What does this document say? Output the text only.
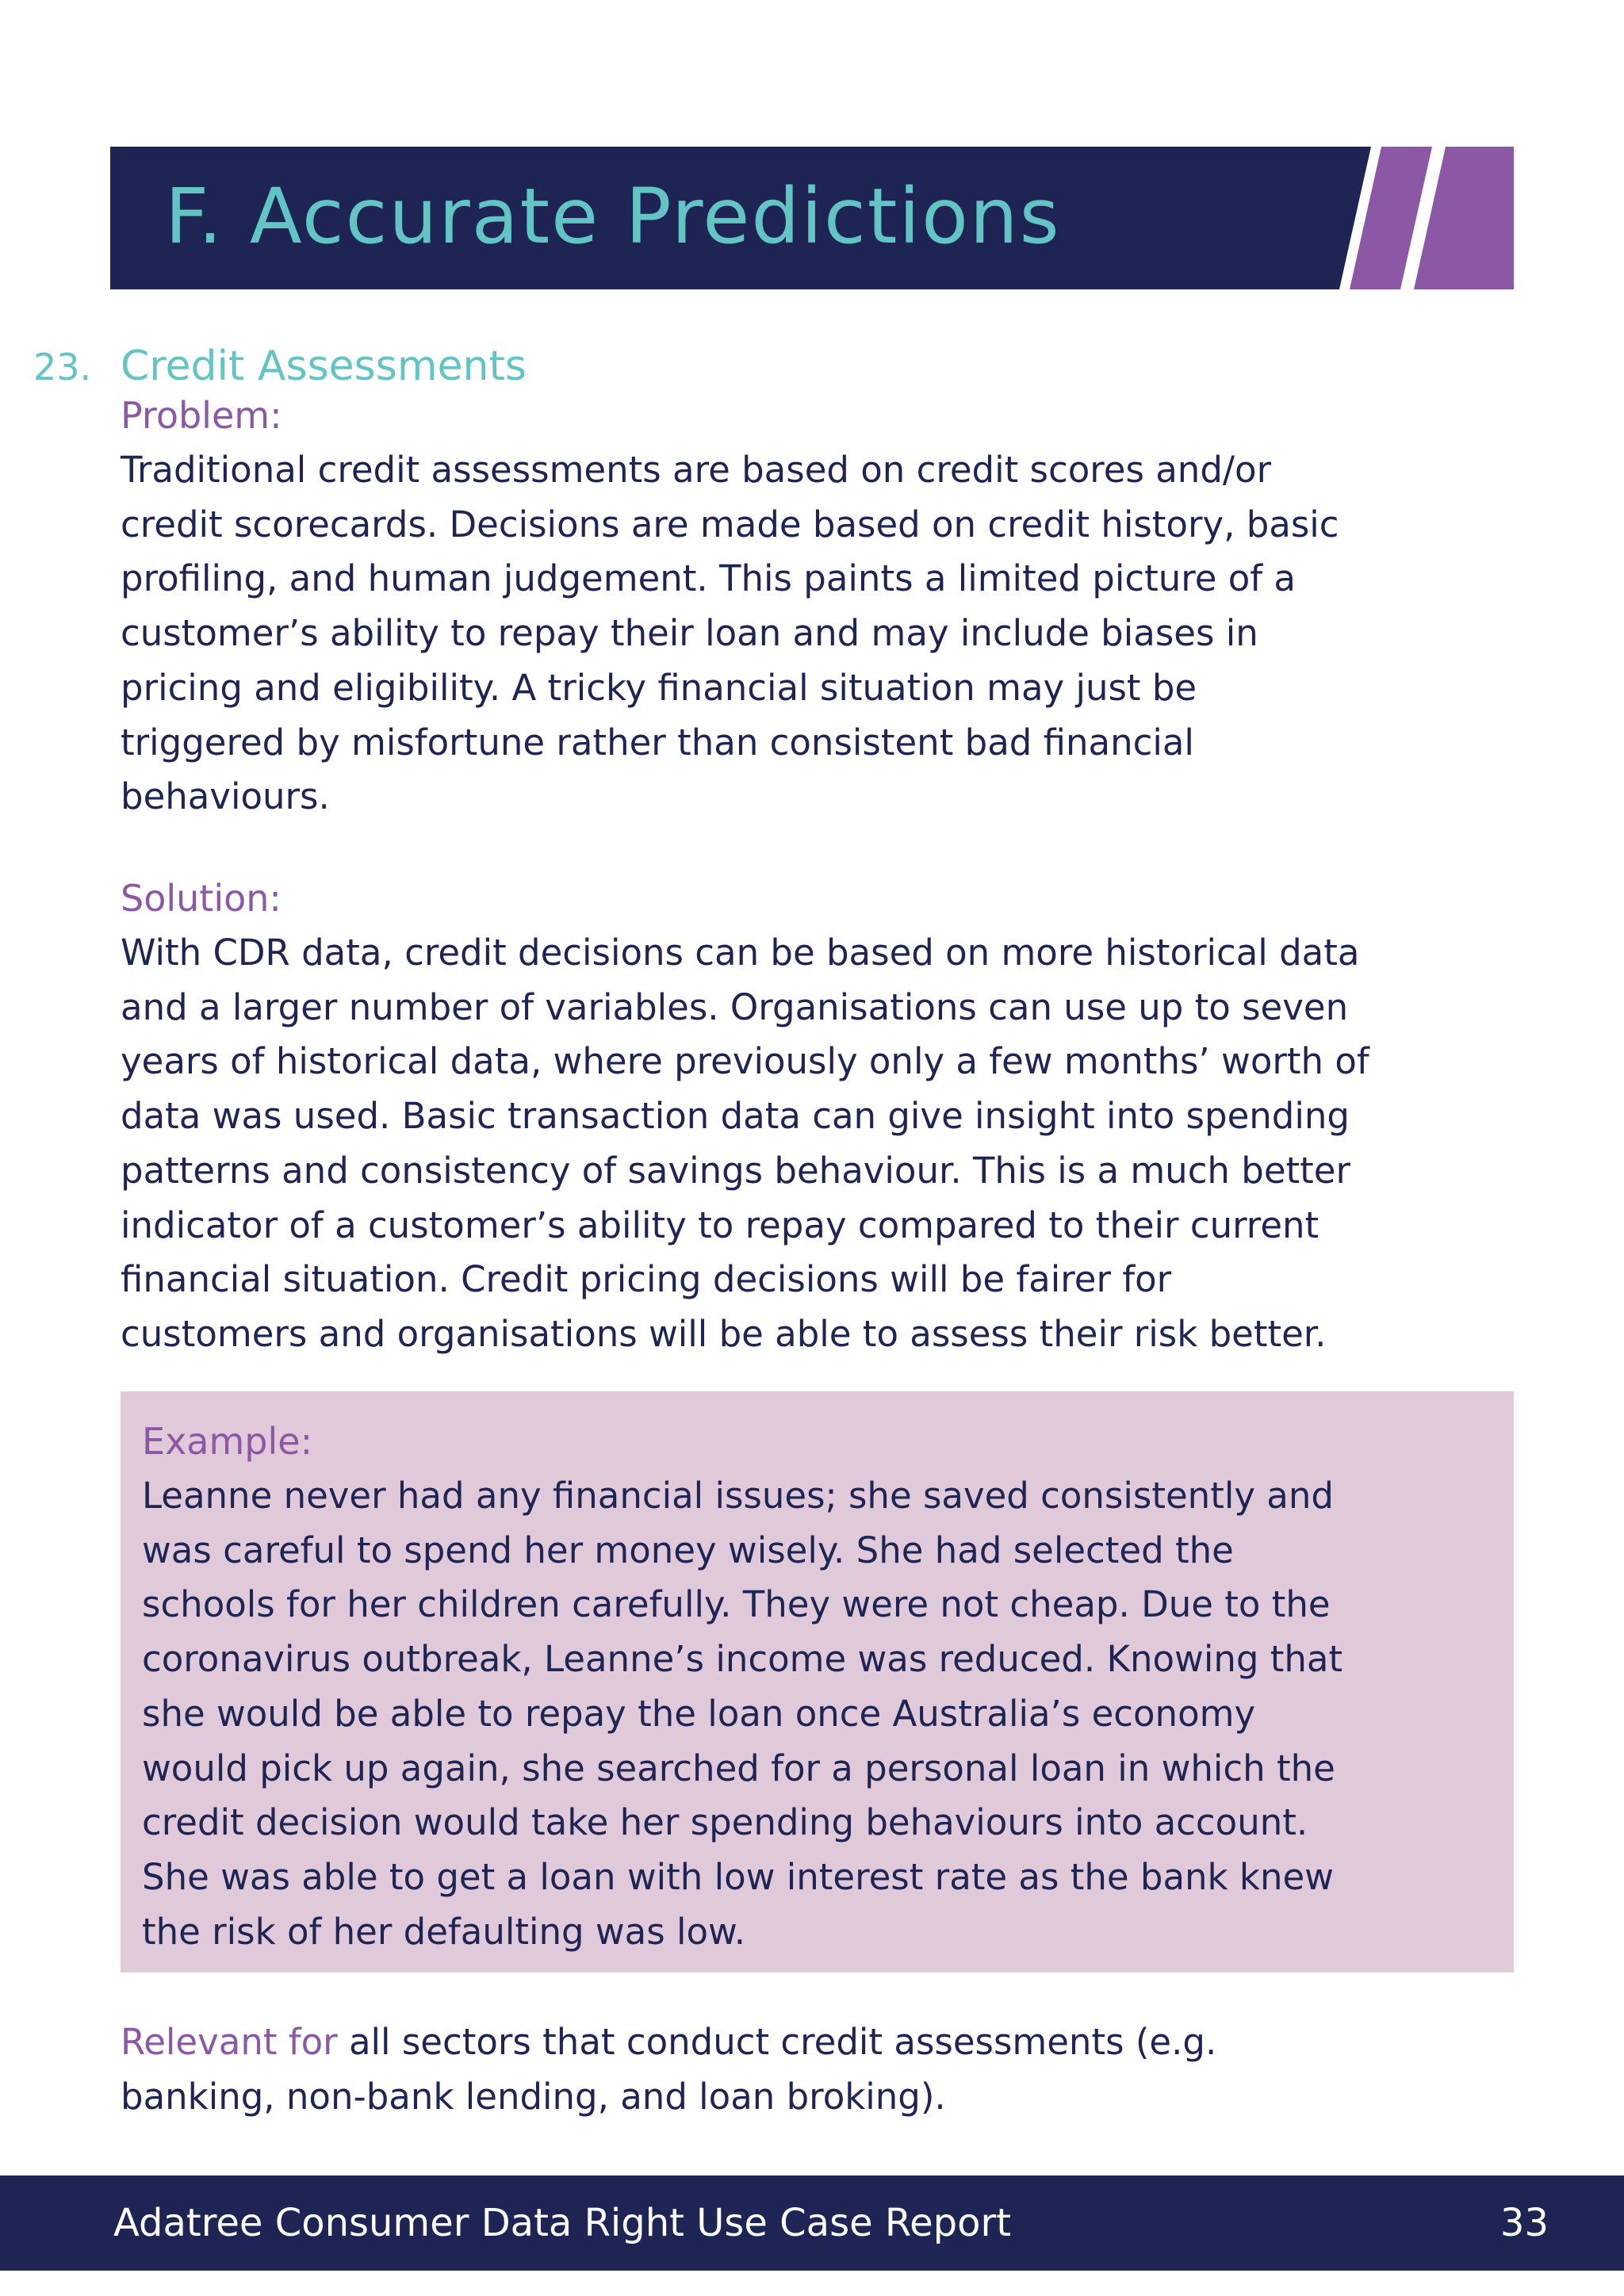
F. Accurate Predictions
23. Credit Assessments
Problem:
Traditional credit assessments are based on credit scores and/or
credit scorecards. Decisions are made based on credit history, basic
profiling, and human judgement. This paints a limited picture of a
customer’s ability to repay their loan and may include biases in
pricing and eligibility. A tricky financial situation may just be
triggered by misfortune rather than consistent bad financial
behaviours.
Solution:
With CDR data, credit decisions can be based on more historical data
and a larger number of variables. Organisations can use up to seven
years of historical data, where previously only a few months’ worth of
data was used. Basic transaction data can give insight into spending
patterns and consistency of savings behaviour. This is a much better
indicator of a customer’s ability to repay compared to their current
financial situation. Credit pricing decisions will be fairer for
customers and organisations will be able to assess their risk better.
Example:
Leanne never had any financial issues; she saved consistently and
was careful to spend her money wisely. She had selected the
schools for her children carefully. They were not cheap. Due to the
coronavirus outbreak, Leanne’s income was reduced. Knowing that
she would be able to repay the loan once Australia’s economy
would pick up again, she searched for a personal loan in which the
credit decision would take her spending behaviours into account.
She was able to get a loan with low interest rate as the bank knew
the risk of her defaulting was low.
Relevant for all sectors that conduct credit assessments (e.g.
banking, non-bank lending, and loan broking).
Adatree Consumer Data Right Use Case Report	33
